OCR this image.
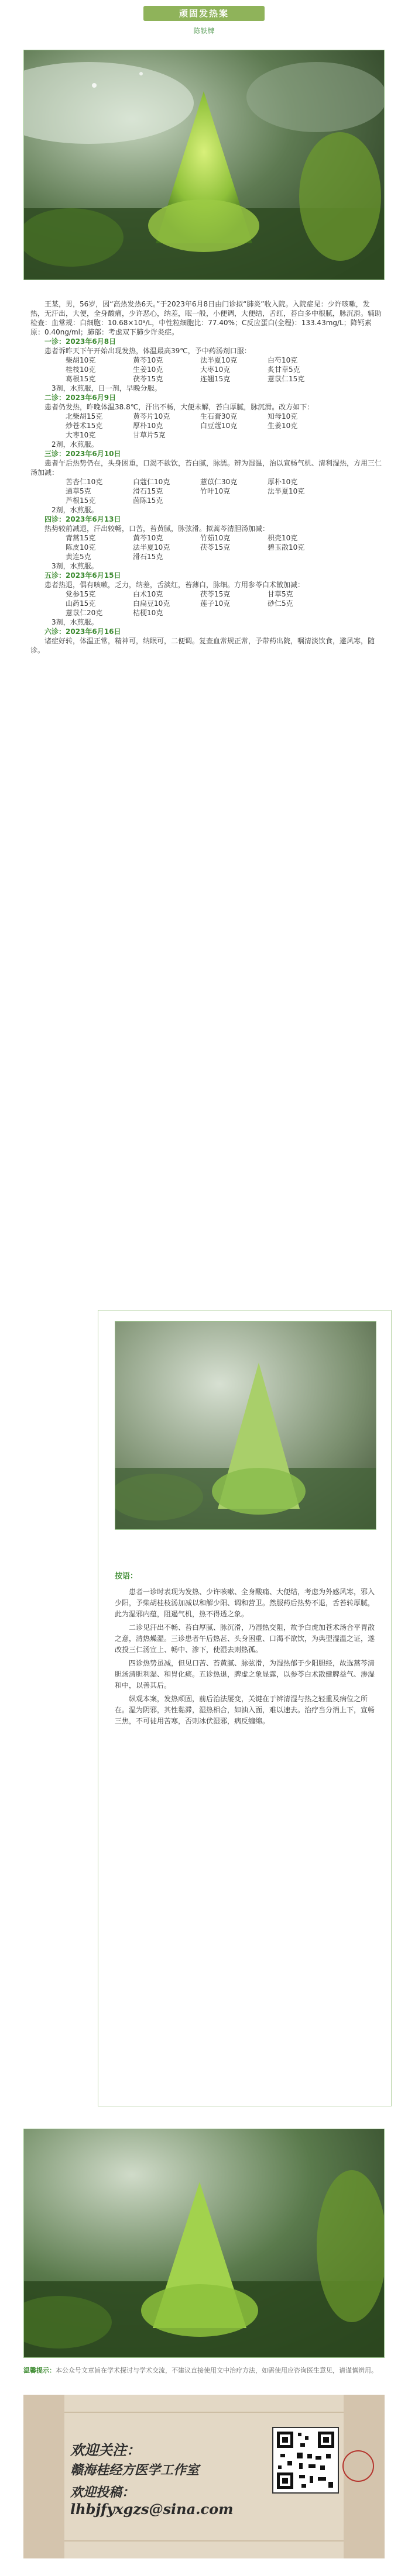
顽固发热案
陈铁牌

王某，男，56岁，因“高热发热6天。”于2023年6月8日由门诊拟“肺炎”收入院。入院症见：少许咳嗽，发热，无汗出，大便，全身酸痛，少许恶心，纳差，眠一般，小便调，大便结，舌红，苔白多中根腻，脉沉滑。辅助检查：血常规：白细胞：10.68×10⁹/L，中性粒细胞比：77.40%；C反应蛋白(全程)：133.43mg/L；降钙素原：0.40ng/ml；肺部：考虑双下肺少许炎症。

一诊：2023年6月8日

患者诉昨天下午开始出现发热，体温最高39℃，予中药汤剂口服：

柴胡10克	黄芩10克	法半夏10克	白芍10克

桂枝10克	生姜10克	大枣10克	炙甘草5克

葛根15克	茯苓15克	连翘15克	薏苡仁15克

3剂，水煎服，日一剂，早晚分服。

二诊：2023年6月9日

患者仍发热，昨晚体温38.8℃，汗出不畅，大便未解，苔白厚腻，脉沉滑。改方如下：

北柴胡15克	黄芩片10克	生石膏30克	知母10克

炒苍术15克	厚朴10克	白豆蔻10克	生姜10克

大枣10克	甘草片5克

2剂，水煎服。

三诊：2023年6月10日

患者午后热势仍在，头身困重，口渴不欲饮，苔白腻，脉濡。辨为湿温，治以宣畅气机、清利湿热，方用三仁汤加减：

苦杏仁10克	白蔻仁10克	薏苡仁30克	厚朴10克

通草5克	滑石15克	竹叶10克	法半夏10克

芦根15克	茵陈15克

2剂，水煎服。

四诊：2023年6月13日

热势较前减退，汗出较畅，口苦，苔黄腻，脉弦滑。拟蒿芩清胆汤加减：

青蒿15克	黄芩10克	竹茹10克	枳壳10克

陈皮10克	法半夏10克	茯苓15克	碧玉散10克

黄连5克	滑石15克

3剂，水煎服。

五诊：2023年6月15日

患者热退，偶有咳嗽，乏力，纳差，舌淡红，苔薄白，脉细。方用参苓白术散加减：

党参15克	白术10克	茯苓15克	甘草5克

山药15克	白扁豆10克	莲子10克	砂仁5克

薏苡仁20克	桔梗10克

3剂，水煎服。

六诊：2023年6月16日

诸症好转，体温正常，精神可，纳眠可，二便调。复查血常规正常，予带药出院，嘱清淡饮食，避风寒，随诊。

按语：

患者一诊时表现为发热、少许咳嗽、全身酸痛、大便结，考虑为外感风寒，邪入少阳，予柴胡桂枝汤加减以和解少阳、调和营卫。然服药后热势不退，舌苔转厚腻，此为湿邪内蕴，阻遏气机，热不得透之象。

二诊见汗出不畅、苔白厚腻、脉沉滑，乃湿热交阻，故予白虎加苍术汤合平胃散之意，清热燥湿。三诊患者午后热甚、头身困重、口渴不欲饮，为典型湿温之证，遂改投三仁汤宣上、畅中、渗下，使湿去则热孤。

四诊热势虽减，但见口苦、苔黄腻、脉弦滑，为湿热郁于少阳胆经，故选蒿芩清胆汤清胆利湿、和胃化痰。五诊热退，脾虚之象显露，以参苓白术散健脾益气、渗湿和中，以善其后。

纵观本案，发热顽固，前后治法屡变，关键在于辨清湿与热之轻重及病位之所在。湿为阴邪，其性黏滞，湿热相合，如油入面，难以速去。治疗当分消上下，宣畅三焦，不可徒用苦寒，否则冰伏湿邪，病反缠绵。

温馨提示：本公众号文章旨在学术探讨与学术交流，不建议直接使用文中治疗方法，如需使用应咨询医生意见，请谨慎辨用。
欢迎关注：
赣海桂经方医学工作室
欢迎投稿：
lhbjfyxgzs@sina.com
